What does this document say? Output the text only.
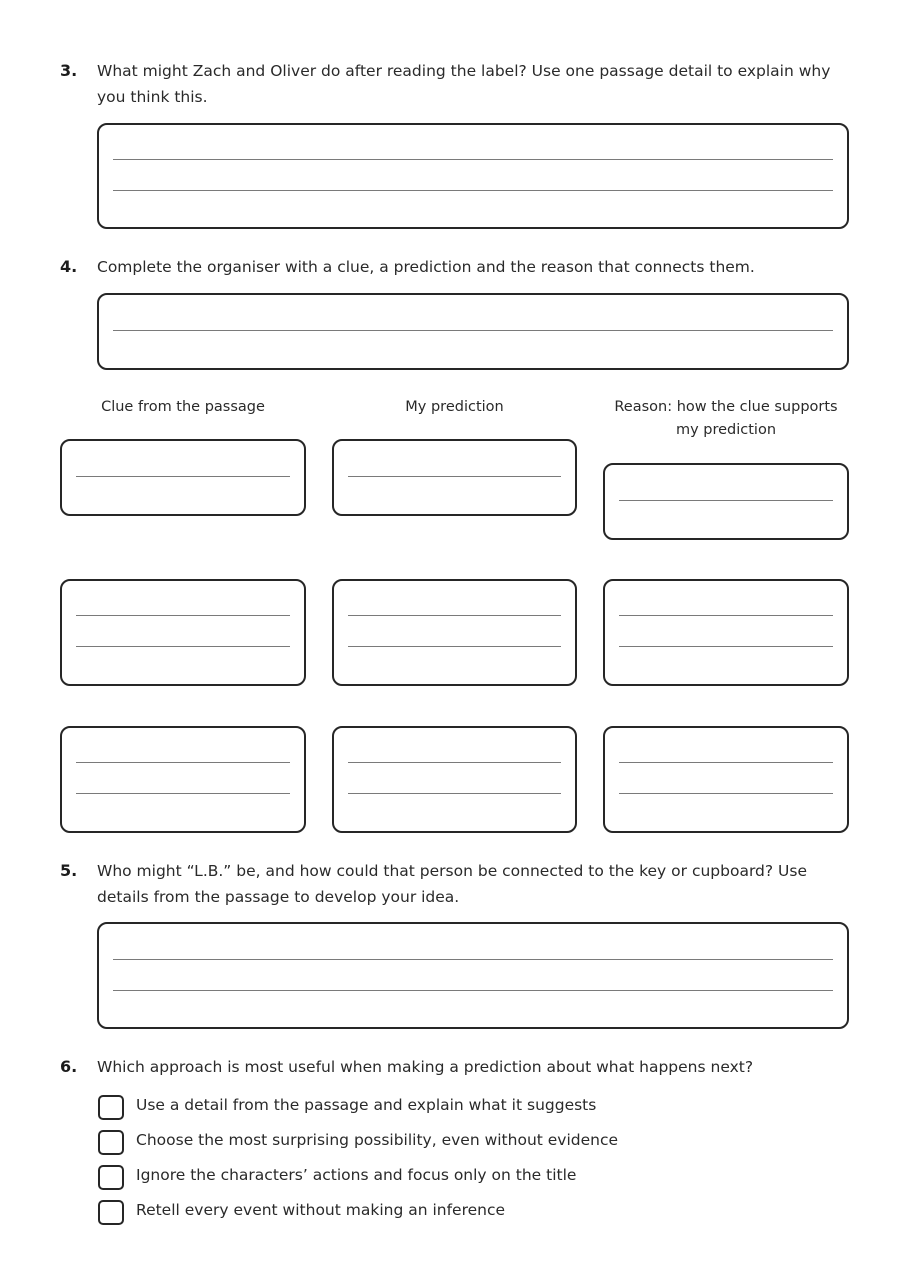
3. What might Zach and Oliver do after reading the label? Use one passage detail to explain why you think this.
4. Complete the organiser with a clue, a prediction and the reason that connects them.
Clue from the passage	My prediction	Reason: how the clue supports my prediction
5. Who might “L.B.” be, and how could that person be connected to the key or cupboard? Use details from the passage to develop your idea.
6. Which approach is most useful when making a prediction about what happens next?
Use a detail from the passage and explain what it suggests
Choose the most surprising possibility, even without evidence
Ignore the characters’ actions and focus only on the title
Retell every event without making an inference
